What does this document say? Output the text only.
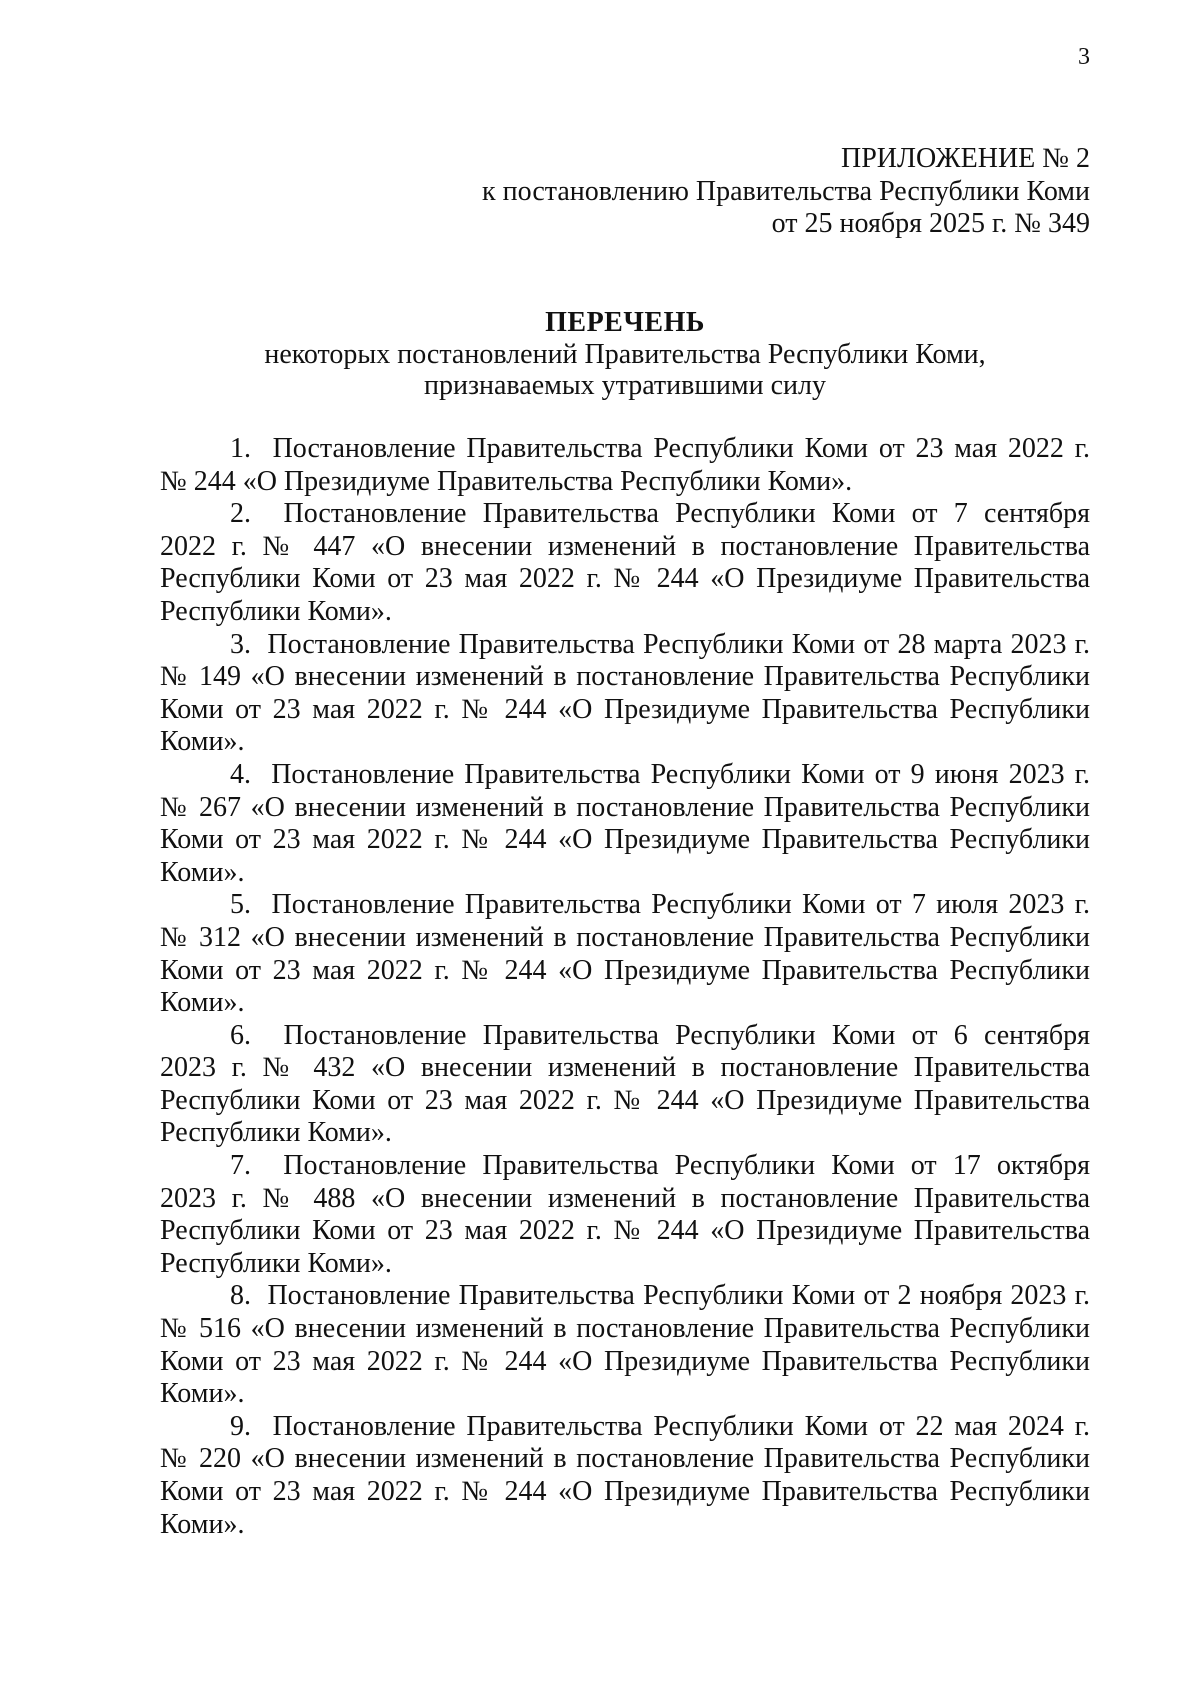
3
ПРИЛОЖЕНИЕ № 2
к постановлению Правительства Республики Коми
от 25 ноября 2025 г. № 349
ПЕРЕЧЕНЬ
некоторых постановлений Правительства Республики Коми,
признаваемых утратившими силу

1.  Постановление Правительства Республики Коми от 23 мая 2022 г. № 244 «О Президиуме Правительства Республики Коми».

2.  Постановление Правительства Республики Коми от 7 сентября 2022 г. № 447 «О внесении изменений в постановление Правительства Республики Коми от 23 мая 2022 г. № 244 «О Президиуме Правительства Республики Коми».

3.  Постановление Правительства Республики Коми от 28 марта 2023 г. № 149 «О внесении изменений в постановление Правительства Республики Коми от 23 мая 2022 г. № 244 «О Президиуме Правительства Республики Коми».

4.  Постановление Правительства Республики Коми от 9 июня 2023 г. № 267 «О внесении изменений в постановление Правительства Республики Коми от 23 мая 2022 г. № 244 «О Президиуме Правительства Республики Коми».

5.  Постановление Правительства Республики Коми от 7 июля 2023 г. № 312 «О внесении изменений в постановление Правительства Республики Коми от 23 мая 2022 г. № 244 «О Президиуме Правительства Республики Коми».

6.  Постановление Правительства Республики Коми от 6 сентября 2023 г. № 432 «О внесении изменений в постановление Правительства Республики Коми от 23 мая 2022 г. № 244 «О Президиуме Правительства Республики Коми».

7.  Постановление Правительства Республики Коми от 17 октября 2023 г. № 488 «О внесении изменений в постановление Правительства Республики Коми от 23 мая 2022 г. № 244 «О Президиуме Правительства Республики Коми».

8.  Постановление Правительства Республики Коми от 2 ноября 2023 г. № 516 «О внесении изменений в постановление Правительства Республики Коми от 23 мая 2022 г. № 244 «О Президиуме Правительства Республики Коми».

9.  Постановление Правительства Республики Коми от 22 мая 2024 г. № 220 «О внесении изменений в постановление Правительства Республики Коми от 23 мая 2022 г. № 244 «О Президиуме Правительства Республики Коми».
